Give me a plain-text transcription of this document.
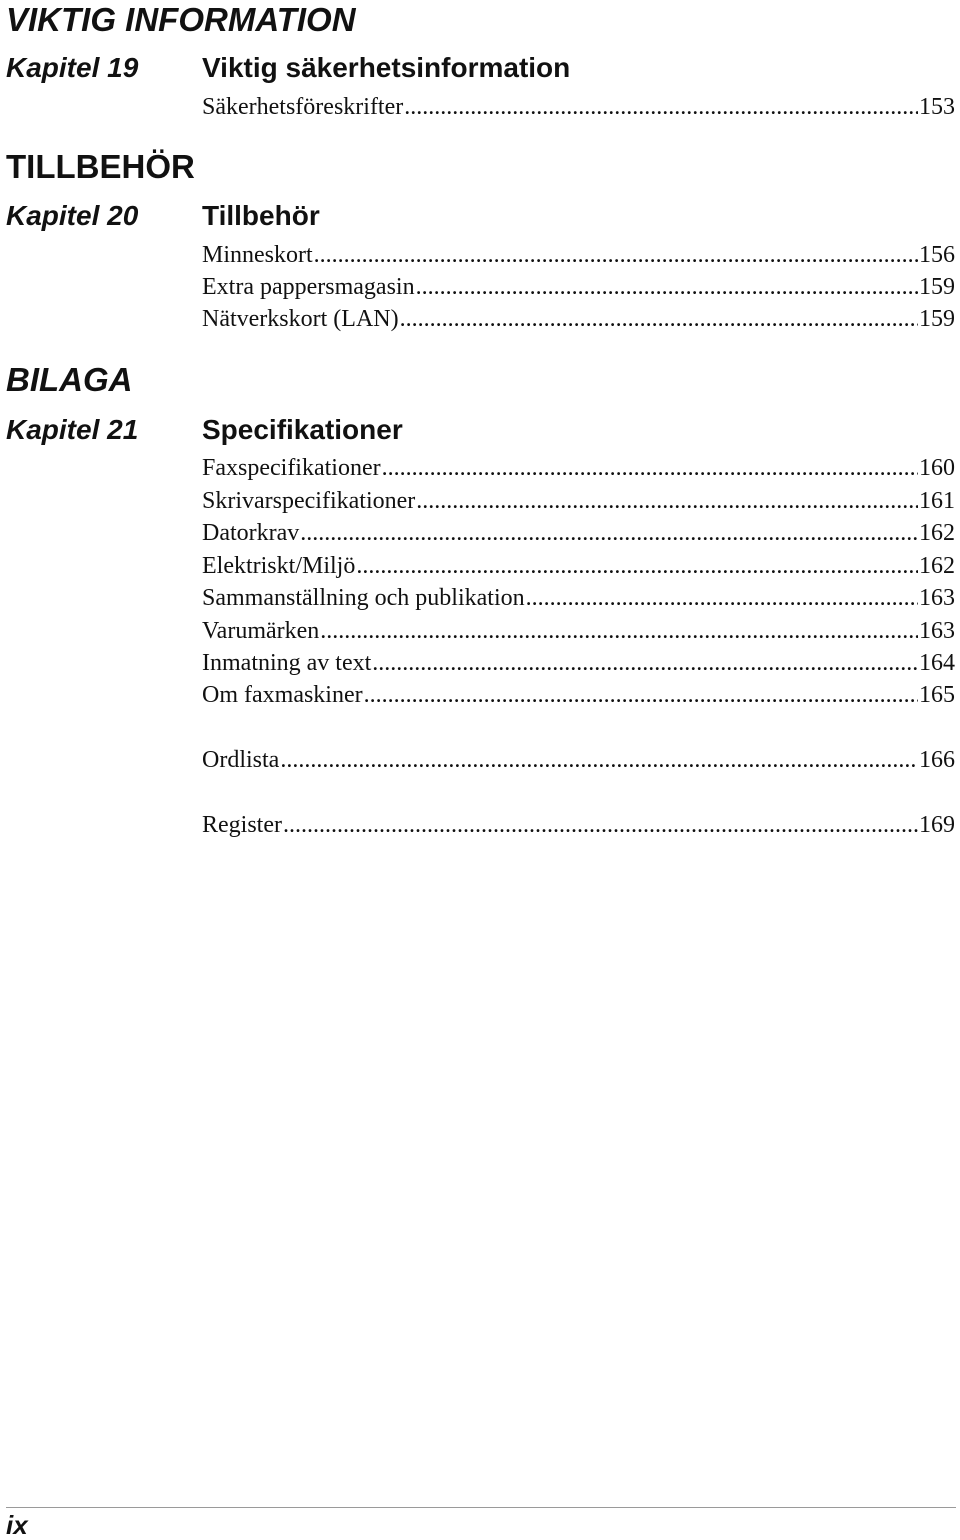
VIKTIG INFORMATION
Kapitel 19 Viktig säkerhetsinformation
Säkerhetsföreskrifter .....	153
TILLBEHÖR
Kapitel 20 Tillbehör
Minneskort .....	156
Extra pappersmagasin .....	159
Nätverkskort (LAN) .....	159
BILAGA
Kapitel 21 Specifikationer
Faxspecifikationer .....	160
Skrivarspecifikationer .....	161
Datorkrav .....	162
Elektriskt/Miljö .....	162
Sammanställning och publikation .....	163
Varumärken .....	163
Inmatning av text .....	164
Om faxmaskiner .....	165
Ordlista .....	166
Register .....	169
ix
